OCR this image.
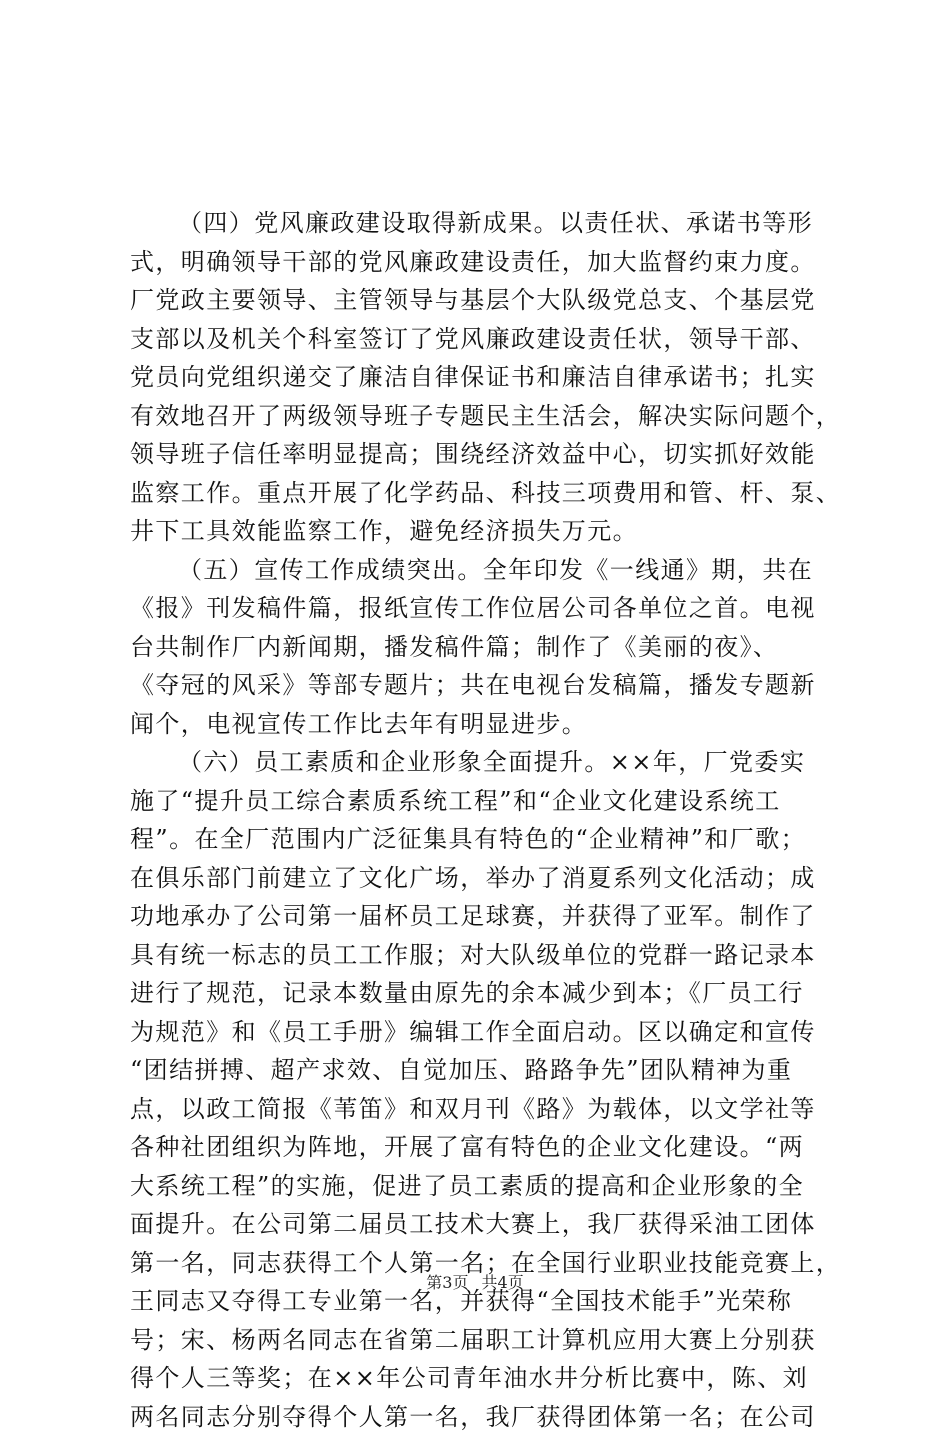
（四）党风廉政建设取得新成果。以责任状、承诺书等形
式，明确领导干部的党风廉政建设责任，加大监督约束力度。
厂党政主要领导、主管领导与基层个大队级党总支、个基层党
支部以及机关个科室签订了党风廉政建设责任状，领导干部、
党员向党组织递交了廉洁自律保证书和廉洁自律承诺书；扎实
有效地召开了两级领导班子专题民主生活会，解决实际问题个，
领导班子信任率明显提高；围绕经济效益中心，切实抓好效能
监察工作。重点开展了化学药品、科技三项费用和管、杆、泵、
井下工具效能监察工作，避免经济损失万元。
（五）宣传工作成绩突出。全年印发《一线通》期，共在
《报》刊发稿件篇，报纸宣传工作位居公司各单位之首。电视
台共制作厂内新闻期，播发稿件篇；制作了《美丽的夜》、
《夺冠的风采》等部专题片；共在电视台发稿篇，播发专题新
闻个，电视宣传工作比去年有明显进步。
（六）员工素质和企业形象全面提升。××年，厂党委实
施了“提升员工综合素质系统工程”和“企业文化建设系统工
程”。在全厂范围内广泛征集具有特色的“企业精神”和厂歌；
在俱乐部门前建立了文化广场，举办了消夏系列文化活动；成
功地承办了公司第一届杯员工足球赛，并获得了亚军。制作了
具有统一标志的员工工作服；对大队级单位的党群一路记录本
进行了规范，记录本数量由原先的余本减少到本；《厂员工行
为规范》和《员工手册》编辑工作全面启动。区以确定和宣传
“团结拼搏、超产求效、自觉加压、路路争先”团队精神为重
点，以政工简报《苇笛》和双月刊《路》为载体，以文学社等
各种社团组织为阵地，开展了富有特色的企业文化建设。“两
大系统工程”的实施，促进了员工素质的提高和企业形象的全
面提升。在公司第二届员工技术大赛上，我厂获得采油工团体
第一名，同志获得工个人第一名；在全国行业职业技能竞赛上，
王同志又夺得工专业第一名，并获得“全国技术能手”光荣称
号；宋、杨两名同志在省第二届职工计算机应用大赛上分别获
得个人三等奖；在××年公司青年油水井分析比赛中，陈、刘
两名同志分别夺得个人第一名，我厂获得团体第一名；在公司
第3页 共4页
